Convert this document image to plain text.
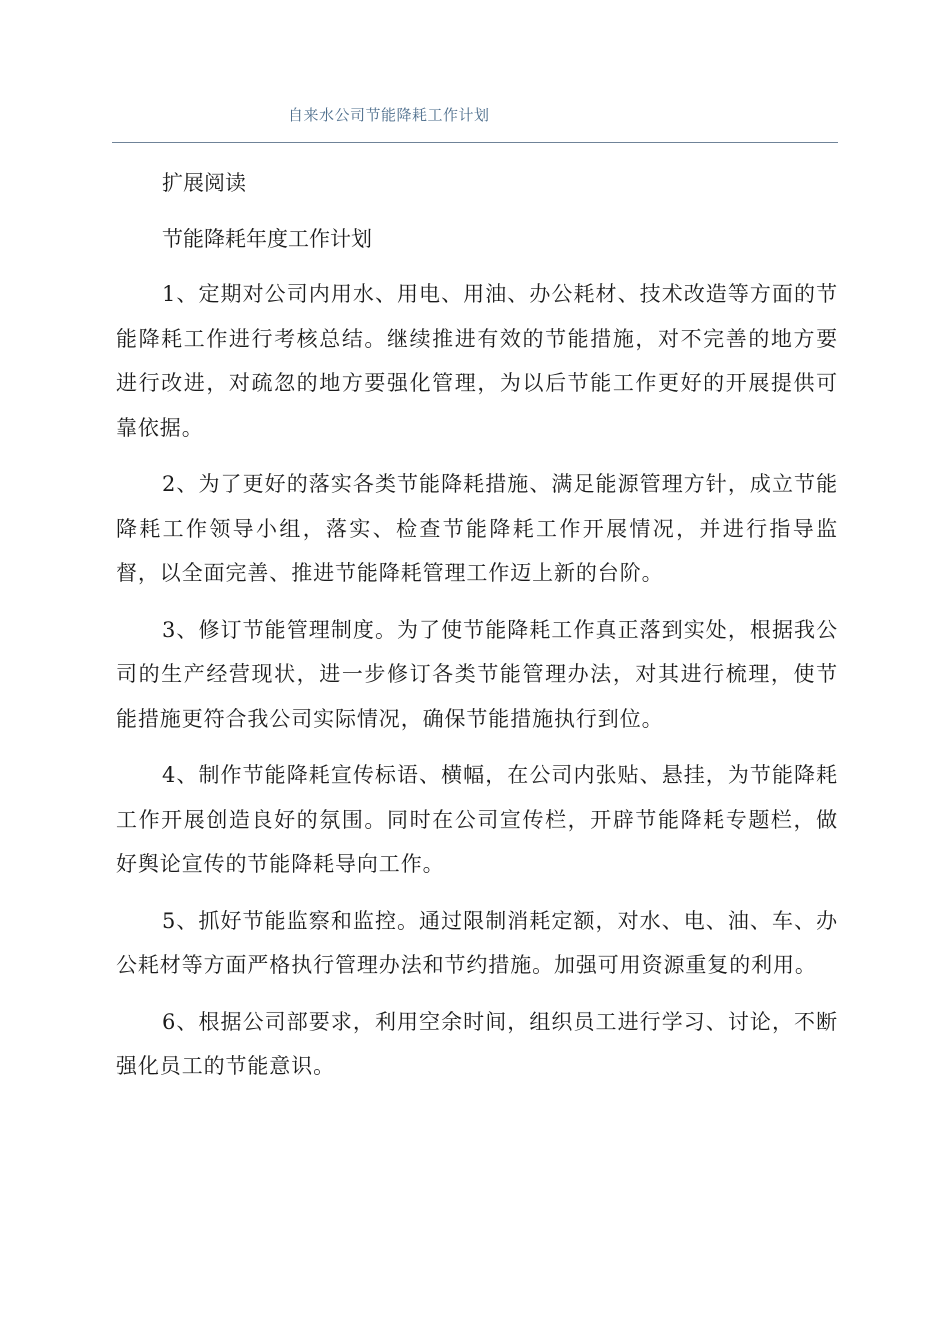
自来水公司节能降耗工作计划
扩展阅读
节能降耗年度工作计划

1、定期对公司内用水、用电、用油、办公耗材、技术改造等方面的节能降耗工作进行考核总结。继续推进有效的节能措施，对不完善的地方要进行改进，对疏忽的地方要强化管理，为以后节能工作更好的开展提供可靠依据。

2、为了更好的落实各类节能降耗措施、满足能源管理方针，成立节能降耗工作领导小组，落实、检查节能降耗工作开展情况，并进行指导监督，以全面完善、推进节能降耗管理工作迈上新的台阶。

3、修订节能管理制度。为了使节能降耗工作真正落到实处，根据我公司的生产经营现状，进一步修订各类节能管理办法，对其进行梳理，使节能措施更符合我公司实际情况，确保节能措施执行到位。

4、制作节能降耗宣传标语、横幅，在公司内张贴、悬挂，为节能降耗工作开展创造良好的氛围。同时在公司宣传栏，开辟节能降耗专题栏，做好舆论宣传的节能降耗导向工作。

5、抓好节能监察和监控。通过限制消耗定额，对水、电、油、车、办公耗材等方面严格执行管理办法和节约措施。加强可用资源重复的利用。

6、根据公司部要求，利用空余时间，组织员工进行学习、讨论，不断强化员工的节能意识。
